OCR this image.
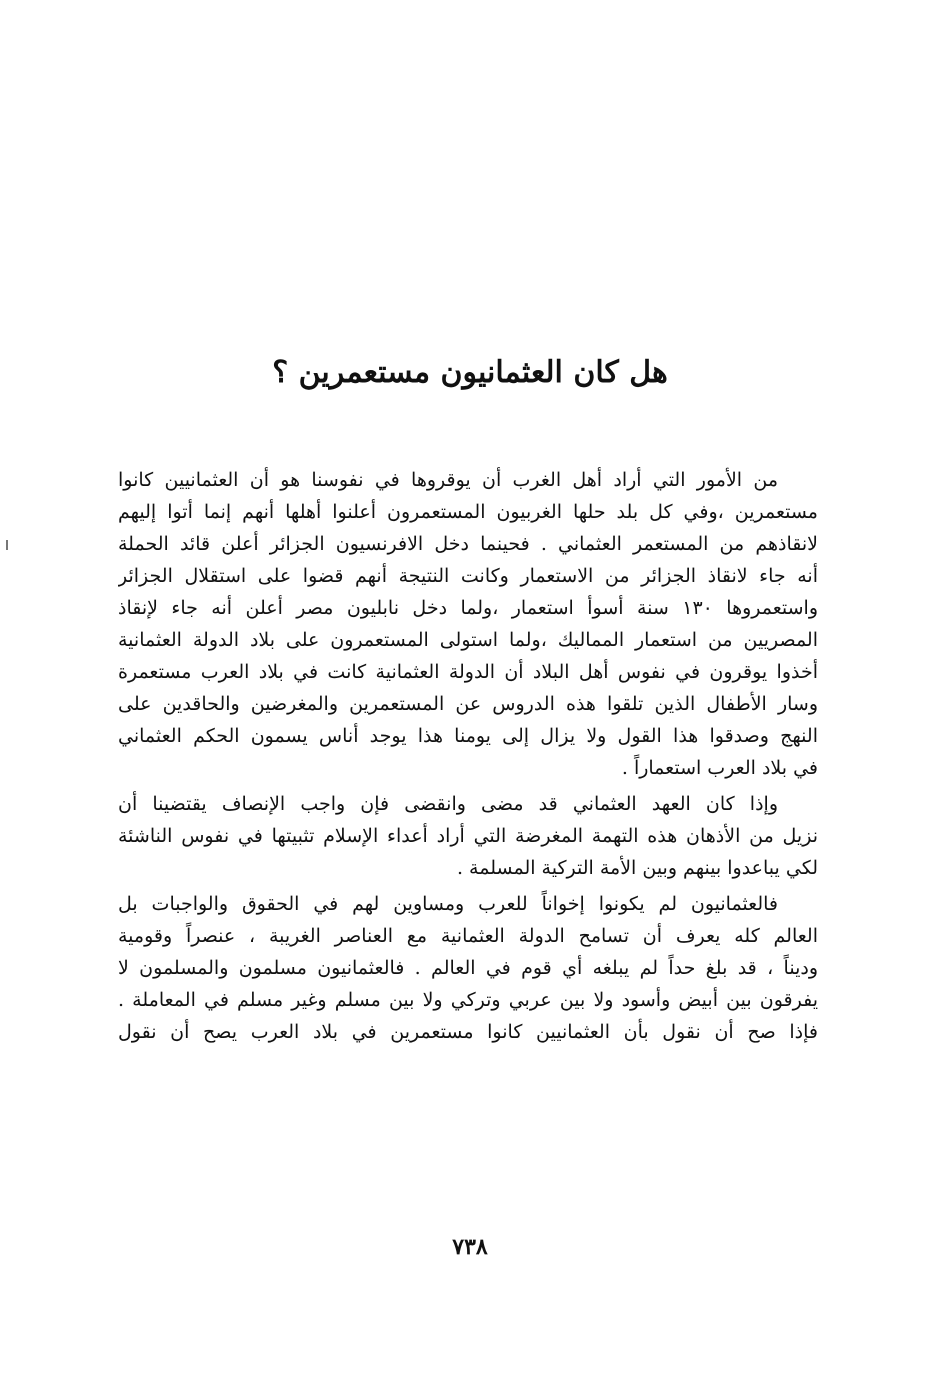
هل كان العثمانيون مستعمرين ؟
من الأمور التي أراد أهل الغرب أن يوقروها في نفوسنا هو أن العثمانيين كانوا
مستعمرين ،وفي كل بلد حلها الغربيون المستعمرون أعلنوا أهلها أنهم إنما أتوا إليهم
لانقاذهم من المستعمر العثماني . فحينما دخل الافرنسيون الجزائر أعلن قائد الحملة
أنه جاء لانقاذ الجزائر من الاستعمار وكانت النتيجة أنهم قضوا على استقلال الجزائر
واستعمروها ١٣٠ سنة أسوأ استعمار ،ولما دخل نابليون مصر أعلن أنه جاء لإنقاذ
المصريين من استعمار المماليك ،ولما استولى المستعمرون على بلاد الدولة العثمانية
أخذوا يوقرون في نفوس أهل البلاد أن الدولة العثمانية كانت في بلاد العرب مستعمرة
وسار الأطفال الذين تلقوا هذه الدروس عن المستعمرين والمغرضين والحاقدين على
النهج وصدقوا هذا القول ولا يزال إلى يومنا هذا يوجد أناس يسمون الحكم العثماني
في بلاد العرب استعماراً .
وإذا كان العهد العثماني قد مضى وانقضى فإن واجب الإنصاف يقتضينا أن
نزيل من الأذهان هذه التهمة المغرضة التي أراد أعداء الإسلام تثبيتها في نفوس الناشئة
لكي يباعدوا بينهم وبين الأمة التركية المسلمة .
فالعثمانيون لم يكونوا إخواناً للعرب ومساوين لهم في الحقوق والواجبات بل
العالم كله يعرف أن تسامح الدولة العثمانية مع العناصر الغريبة ، عنصراً وقومية
وديناً ، قد بلغ حداً لم يبلغه أي قوم في العالم . فالعثمانيون مسلمون والمسلمون لا
يفرقون بين أبيض وأسود ولا بين عربي وتركي ولا بين مسلم وغير مسلم في المعاملة .
فإذا صح أن نقول بأن العثمانيين كانوا مستعمرين في بلاد العرب يصح أن نقول
٧٣٨
